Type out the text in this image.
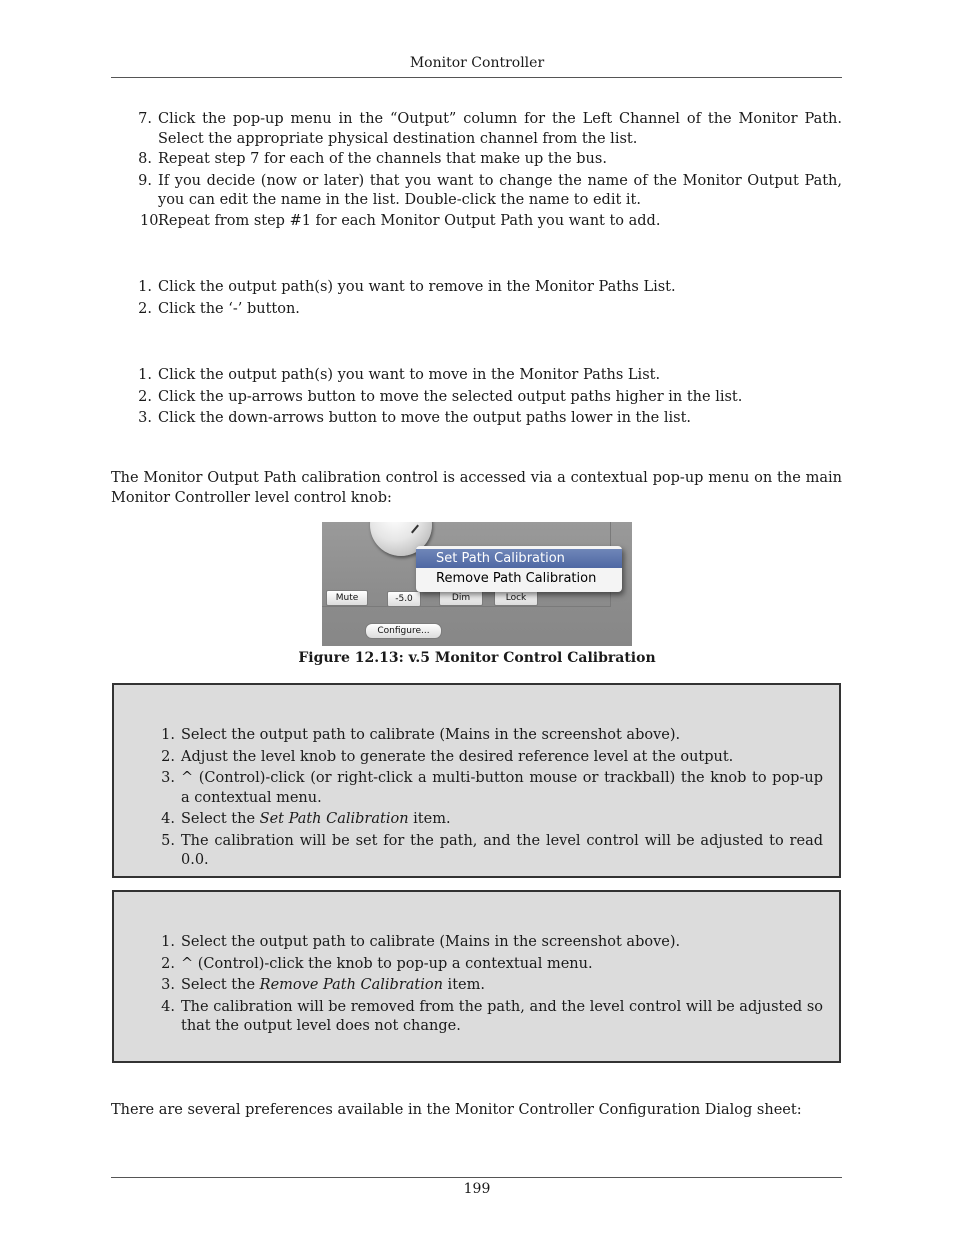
Monitor Controller
7. Click the pop-up menu in the “Output” column for the Left Channel of the Monitor Path. Select the appropriate physical destination channel from the list.
8. Repeat step 7 for each of the channels that make up the bus.
9. If you decide (now or later) that you want to change the name of the Monitor Output Path, you can edit the name in the list. Double-click the name to edit it.
10.
Repeat from step #1 for each Monitor Output Path you want to add.
1. Click the output path(s) you want to remove in the Monitor Paths List.
2. Click the ‘-’ button.
1. Click the output path(s) you want to move in the Monitor Paths List.
2. Click the up-arrows button to move the selected output paths higher in the list.
3. Click the down-arrows button to move the output paths lower in the list.

The Monitor Output Path calibration control is accessed via a contextual pop-up menu on the main Monitor Controller level control knob:

Mute	-5.0	Dim	Lock
Configure...
Set Path Calibration
Remove Path Calibration
Figure 12.13: v.5 Monitor Control Calibration
1. Select the output path to calibrate (Mains in the screenshot above).
2. Adjust the level knob to generate the desired reference level at the output.
3. ^ (Control)-click (or right-click a multi-button mouse or trackball) the knob to pop-up a contextual menu.
4. Select the Set Path Calibration item.
5. The calibration will be set for the path, and the level control will be adjusted to read 0.0.
1. Select the output path to calibrate (Mains in the screenshot above).
2. ^ (Control)-click the knob to pop-up a contextual menu.
3. Select the Remove Path Calibration item.
4. The calibration will be removed from the path, and the level control will be adjusted so that the output level does not change.

There are several preferences available in the Monitor Controller Configuration Dialog sheet:

199
